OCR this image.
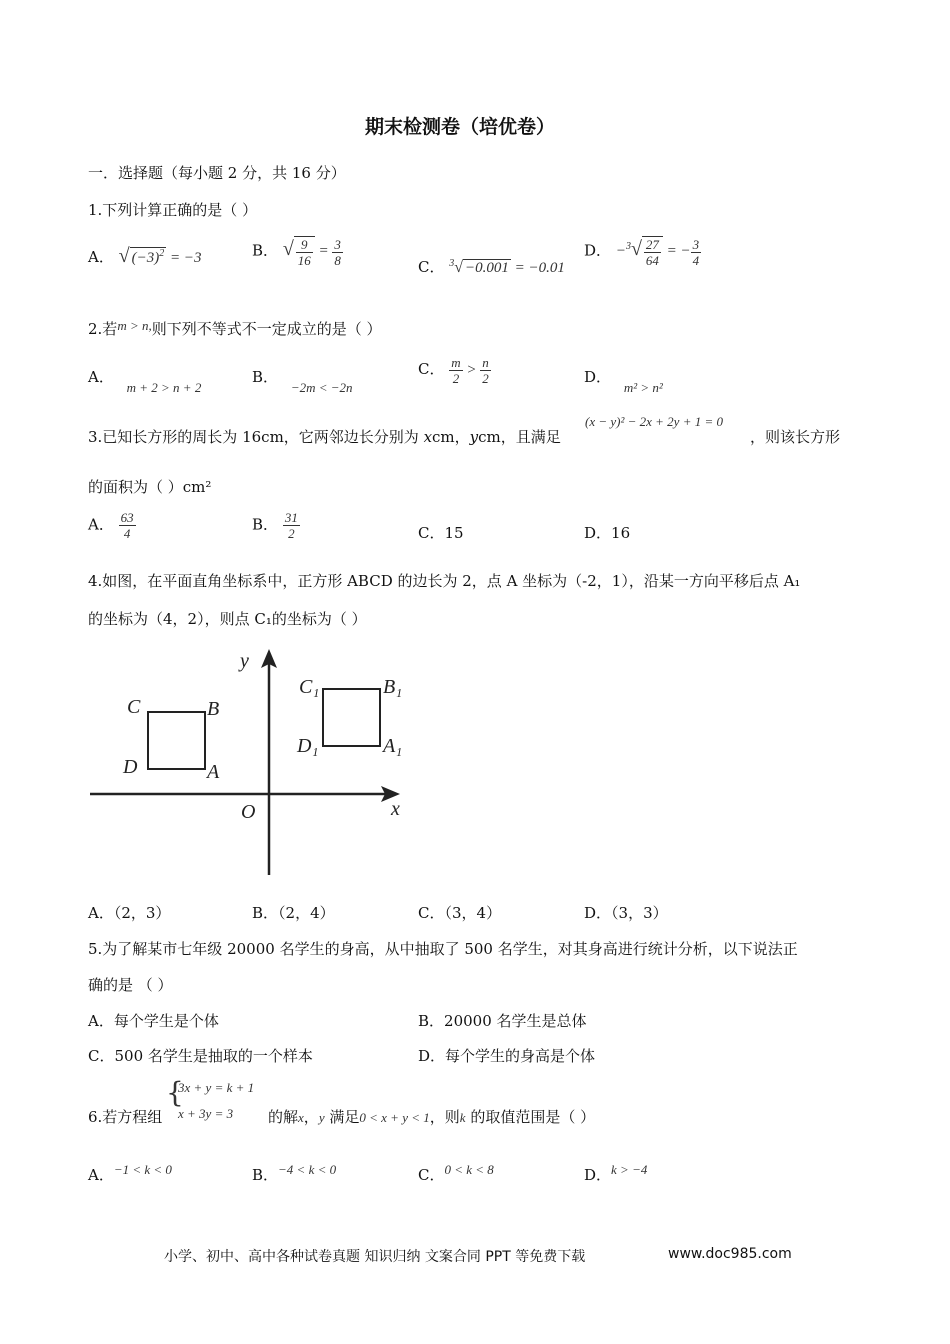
期末检测卷（培优卷）
一．选择题（每小题 2 分，共 16 分）
1.下列计算正确的是（ ）
A． √ $(-3)^2 = -3$	B． √ $\frac{9}{16} = \frac{3}{8}$	C． $^3$√ −0.001 = −0.01
D． $-^3√ \frac{27}{64}$ = − $\frac{3}{4}$
2.若m > n,则下列不等式不一定成立的是（ ）
A． m + 2 > n + 2
B． −2m < −2n
C． $\frac{m}{2} > \frac{n}{2}$	D． m² > n²
3.已知长方形的周长为 16cm，它两邻边长分别为 xcm，ycm，且满足
(x − y)² − 2x + 2y + 1 = 0
，则该长方形
的面积为（ ）cm²
A． $\frac{63}{4}$	B． $\frac{31}{2}$	C．15	D．16
4.如图，在平面直角坐标系中，正方形 ABCD 的边长为 2，点 A 坐标为（-2，1），沿某一方向平移后点 A₁
的坐标为（4，2），则点 C₁的坐标为（ ）
y
x
O
C	B
D	A
C₁	B₁
D₁	A₁
A．（2，3）	B．（2，4）	C．（3，4）	D．（3，3）
5.为了解某市七年级 20000 名学生的身高，从中抽取了 500 名学生，对其身高进行统计分析，以下说法正
确的是 （ ）
A．每个学生是个体	B．20000 名学生是总体
C．500 名学生是抽取的一个样本	D．每个学生的身高是个体
6.若方程组
{
3x + y = k + 1
x + 3y = 3 的解x，y 满足0 < x + y < 1，则k 的取值范围是（ ）
A．−1 < k < 0	B．−4 < k < 0	C．0 < k < 8	D．k > −4
小学、初中、高中各种试卷真题 知识归纳 文案合同 PPT 等免费下载	www.doc985.com
